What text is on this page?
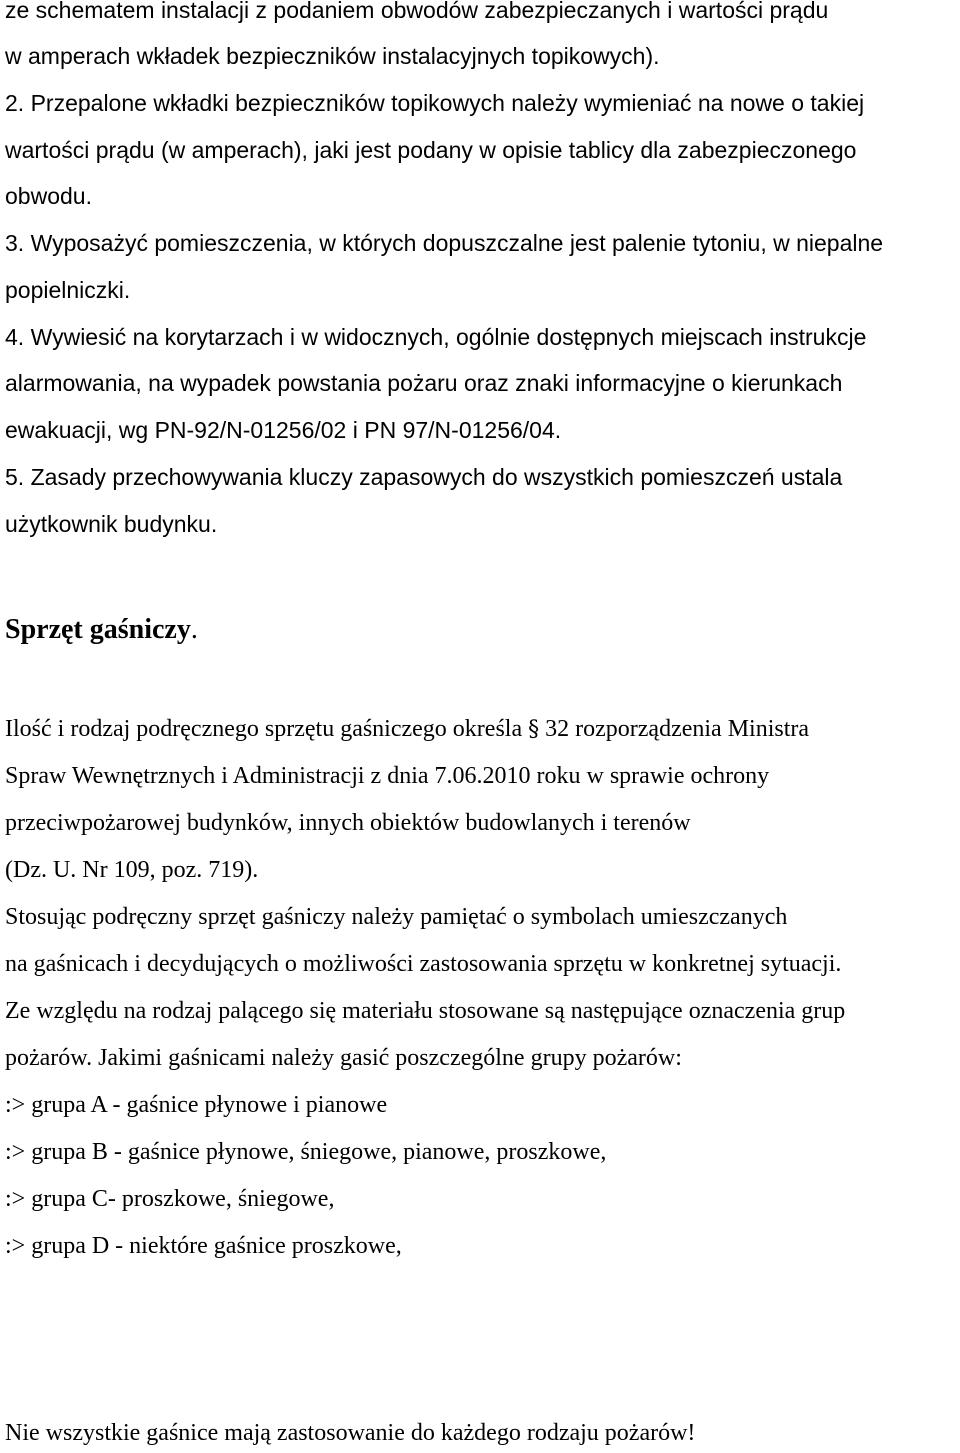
ze schematem instalacji z podaniem obwodów zabezpieczanych i wartości prądu

w amperach wkładek bezpieczników instalacyjnych topikowych).

2. Przepalone wkładki bezpieczników topikowych należy wymieniać na nowe o takiej

wartości prądu (w amperach), jaki jest podany w opisie tablicy dla zabezpieczonego

obwodu.

3. Wyposażyć pomieszczenia, w których dopuszczalne jest palenie tytoniu, w niepalne

popielniczki.

4. Wywiesić na korytarzach i w widocznych, ogólnie dostępnych miejscach instrukcje

alarmowania, na wypadek powstania pożaru oraz znaki informacyjne o kierunkach

ewakuacji, wg PN-92/N-01256/02 i PN 97/N-01256/04.

5. Zasady przechowywania kluczy zapasowych do wszystkich pomieszczeń ustala

użytkownik budynku.

Sprzęt gaśniczy.

Ilość i rodzaj podręcznego sprzętu gaśniczego określa § 32 rozporządzenia Ministra

Spraw Wewnętrznych i Administracji z dnia 7.06.2010 roku w sprawie ochrony

przeciwpożarowej budynków, innych obiektów budowlanych i terenów

(Dz. U. Nr 109, poz. 719).

Stosując podręczny sprzęt gaśniczy należy pamiętać o symbolach umieszczanych

na gaśnicach i decydujących o możliwości zastosowania sprzętu w konkretnej sytuacji.

Ze względu na rodzaj palącego się materiału stosowane są następujące oznaczenia grup

pożarów. Jakimi gaśnicami należy gasić poszczególne grupy pożarów:

:> grupa A - gaśnice płynowe i pianowe

:> grupa B - gaśnice płynowe, śniegowe, pianowe, proszkowe,

:> grupa C- proszkowe, śniegowe,

:> grupa D - niektóre gaśnice proszkowe,

Nie wszystkie gaśnice mają zastosowanie do każdego rodzaju pożarów!
